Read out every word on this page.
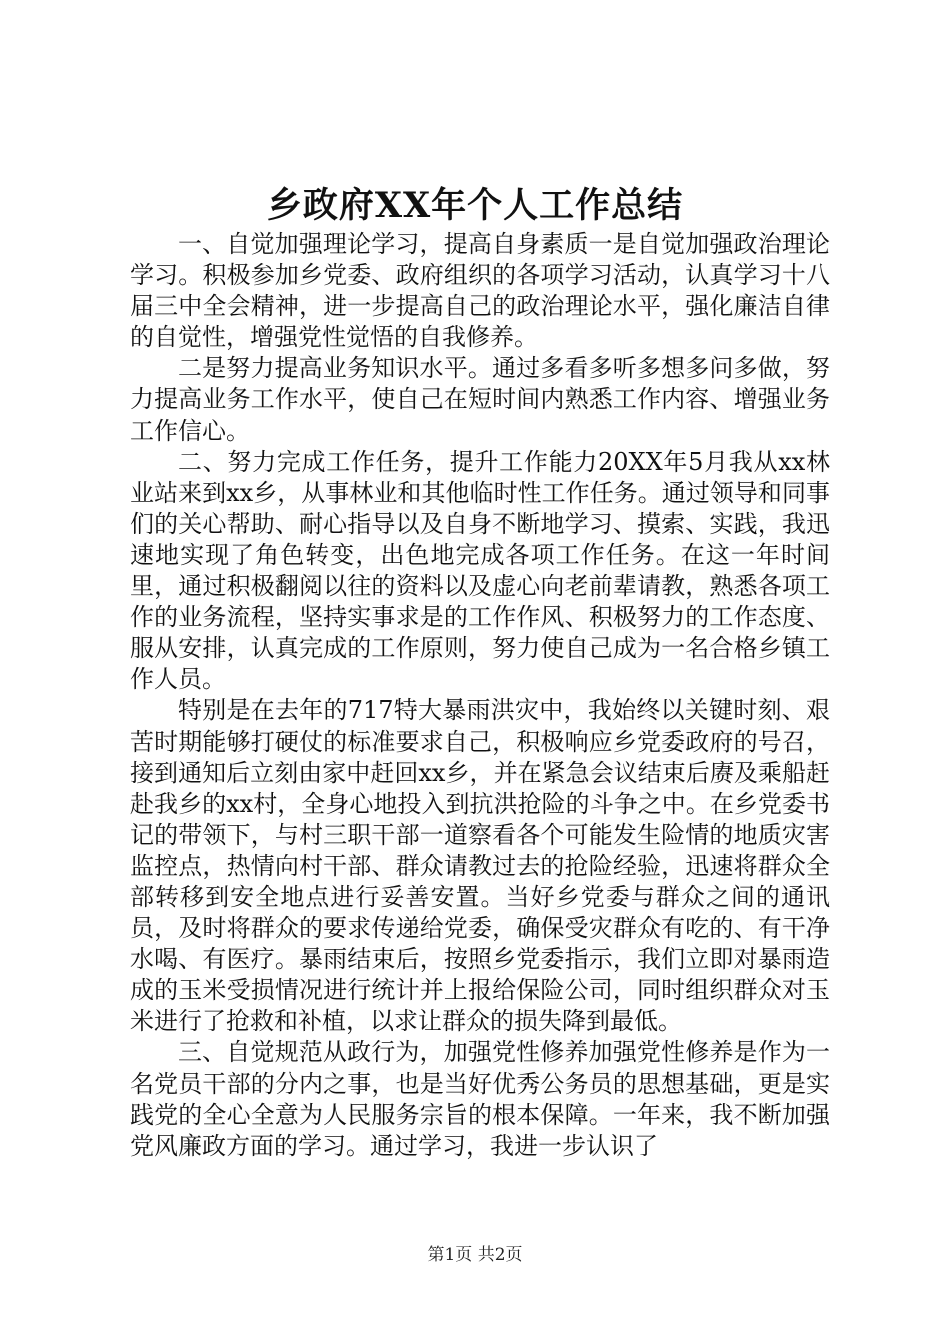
乡政府XX年个人工作总结

一、自觉加强理论学习，提高自身素质一是自觉加强政治理论学习。积极参加乡党委、政府组织的各项学习活动，认真学习十八届三中全会精神，进一步提高自己的政治理论水平，强化廉洁自律的自觉性，增强党性觉悟的自我修养。

二是努力提高业务知识水平。通过多看多听多想多问多做，努力提高业务工作水平，使自己在短时间内熟悉工作内容、增强业务工作信心。

二、努力完成工作任务，提升工作能力20XX年5月我从xx林业站来到xx乡，从事林业和其他临时性工作任务。通过领导和同事们的关心帮助、耐心指导以及自身不断地学习、摸索、实践，我迅速地实现了角色转变，出色地完成各项工作任务。在这一年时间里，通过积极翻阅以往的资料以及虚心向老前辈请教，熟悉各项工作的业务流程，坚持实事求是的工作作风、积极努力的工作态度、服从安排，认真完成的工作原则，努力使自己成为一名合格乡镇工作人员。

特别是在去年的717特大暴雨洪灾中，我始终以关键时刻、艰苦时期能够打硬仗的标准要求自己，积极响应乡党委政府的号召，接到通知后立刻由家中赶回xx乡，并在紧急会议结束后赓及乘船赶赴我乡的xx村，全身心地投入到抗洪抢险的斗争之中。在乡党委书记的带领下，与村三职干部一道察看各个可能发生险情的地质灾害监控点，热情向村干部、群众请教过去的抢险经验，迅速将群众全部转移到安全地点进行妥善安置。当好乡党委与群众之间的通讯员，及时将群众的要求传递给党委，确保受灾群众有吃的、有干净水喝、有医疗。暴雨结束后，按照乡党委指示，我们立即对暴雨造成的玉米受损情况进行统计并上报给保险公司，同时组织群众对玉米进行了抢救和补植，以求让群众的损失降到最低。

三、自觉规范从政行为，加强党性修养加强党性修养是作为一名党员干部的分内之事，也是当好优秀公务员的思想基础，更是实践党的全心全意为人民服务宗旨的根本保障。一年来，我不断加强党风廉政方面的学习。通过学习，我进一步认识了

第1页 共2页
